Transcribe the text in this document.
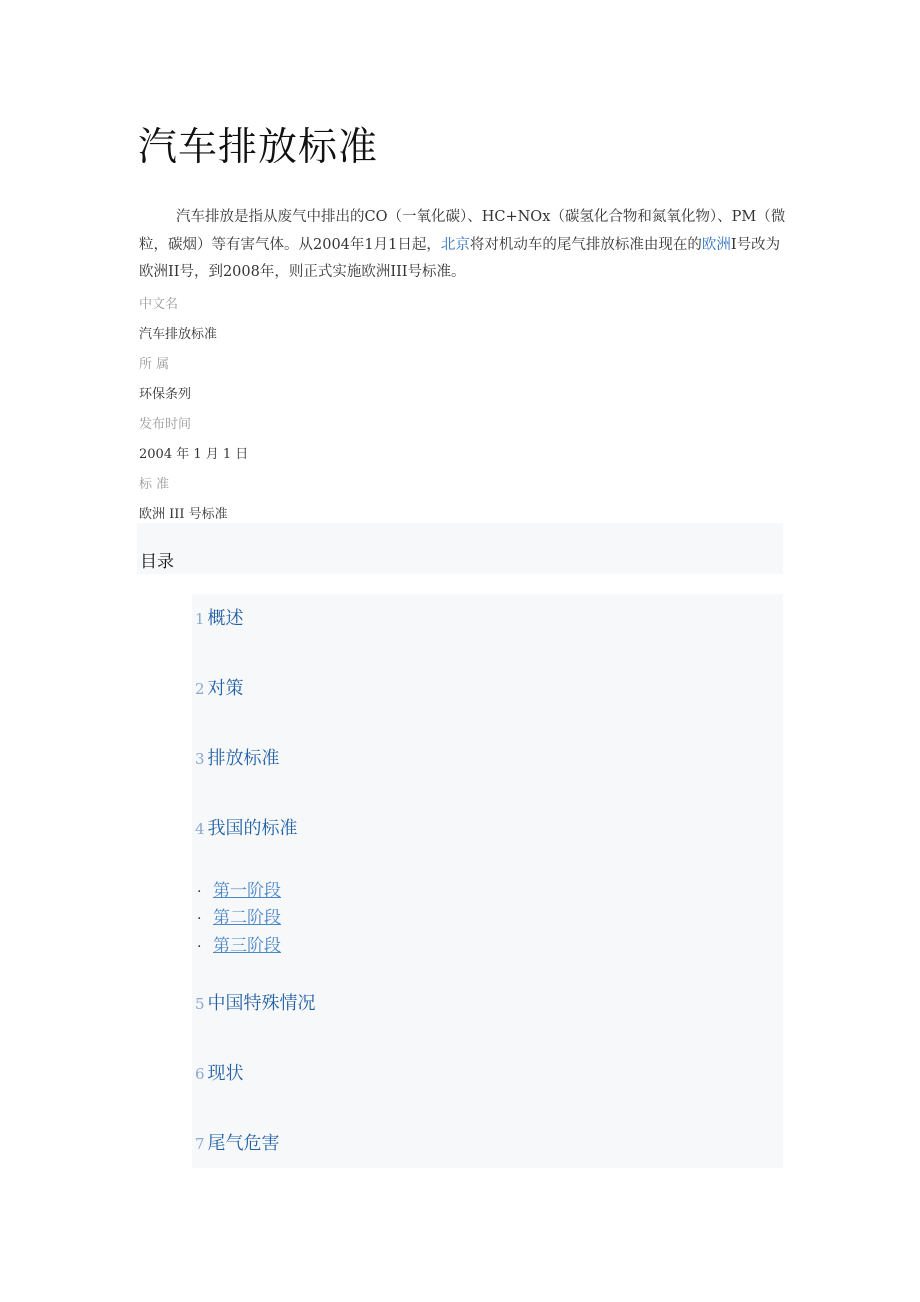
汽车排放标准

汽车排放是指从废气中排出的CO（一氧化碳）、HC+NOx（碳氢化合物和氮氧化物）、PM（微粒，碳烟）等有害气体。从2004年1月1日起，北京将对机动车的尾气排放标准由现在的欧洲I号改为欧洲II号，到2008年，则正式实施欧洲III号标准。

中文名

汽车排放标准

所 属

环保条列

发布时间

2004 年 1 月 1 日

标 准

欧洲 III 号标准

目录
1 概述
2 对策
3 排放标准
4 我国的标准
· 第一阶段
· 第二阶段
· 第三阶段
5 中国特殊情况
6 现状
7 尾气危害
